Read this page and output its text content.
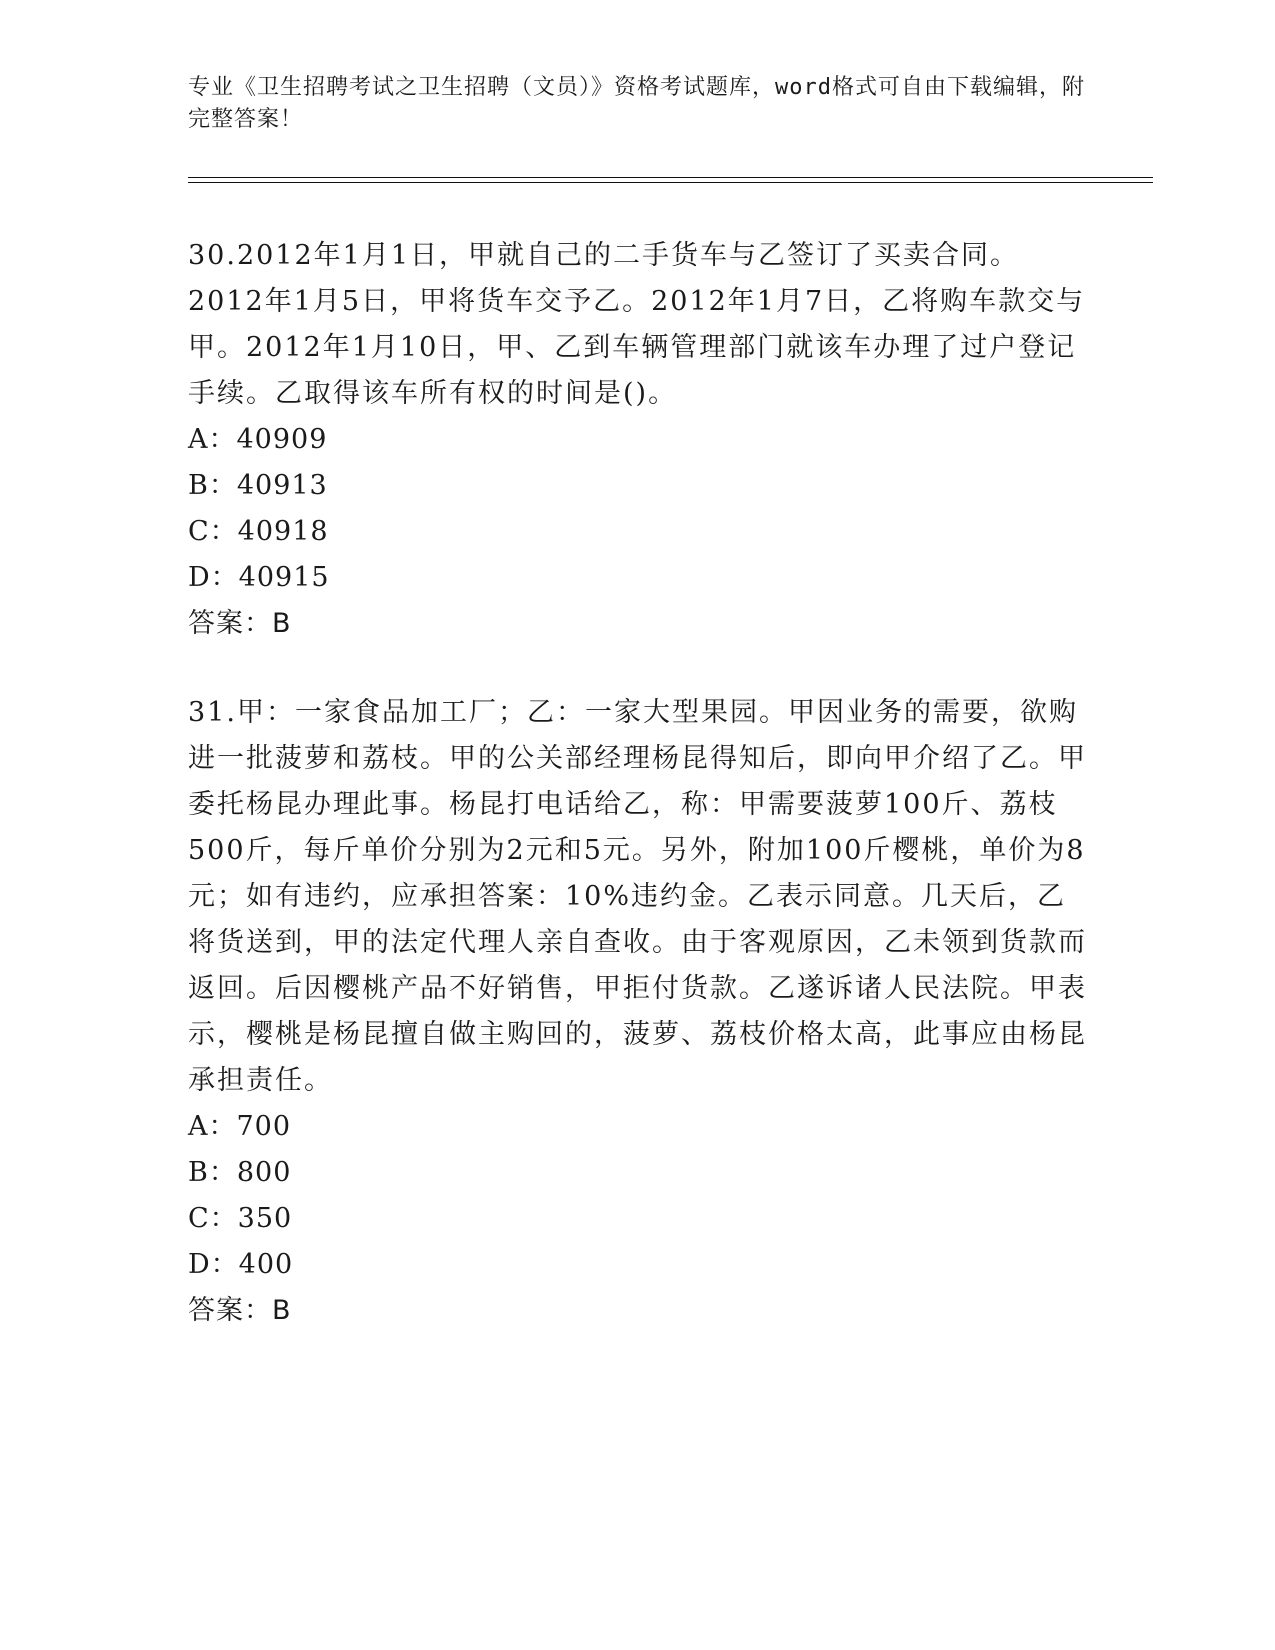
专业《卫生招聘考试之卫生招聘（文员）》资格考试题库，word格式可自由下载编辑，附完整答案！

30.2012年1月1日，甲就自己的二手货车与乙签订了买卖合同。2012年1月5日，甲将货车交予乙。2012年1月7日，乙将购车款交与甲。2012年1月10日，甲、乙到车辆管理部门就该车办理了过户登记手续。乙取得该车所有权的时间是()。

A：40909
B：40913
C：40918
D：40915
答案：B

31.甲：一家食品加工厂；乙：一家大型果园。甲因业务的需要，欲购进一批菠萝和荔枝。甲的公关部经理杨昆得知后，即向甲介绍了乙。甲委托杨昆办理此事。杨昆打电话给乙，称：甲需要菠萝100斤、荔枝500斤，每斤单价分别为2元和5元。另外，附加100斤樱桃，单价为8元；如有违约，应承担答案：10%违约金。乙表示同意。几天后，乙将货送到，甲的法定代理人亲自查收。由于客观原因，乙未领到货款而返回。后因樱桃产品不好销售，甲拒付货款。乙遂诉诸人民法院。甲表示，樱桃是杨昆擅自做主购回的，菠萝、荔枝价格太高，此事应由杨昆承担责任。

A：700
B：800
C：350
D：400
答案：B
